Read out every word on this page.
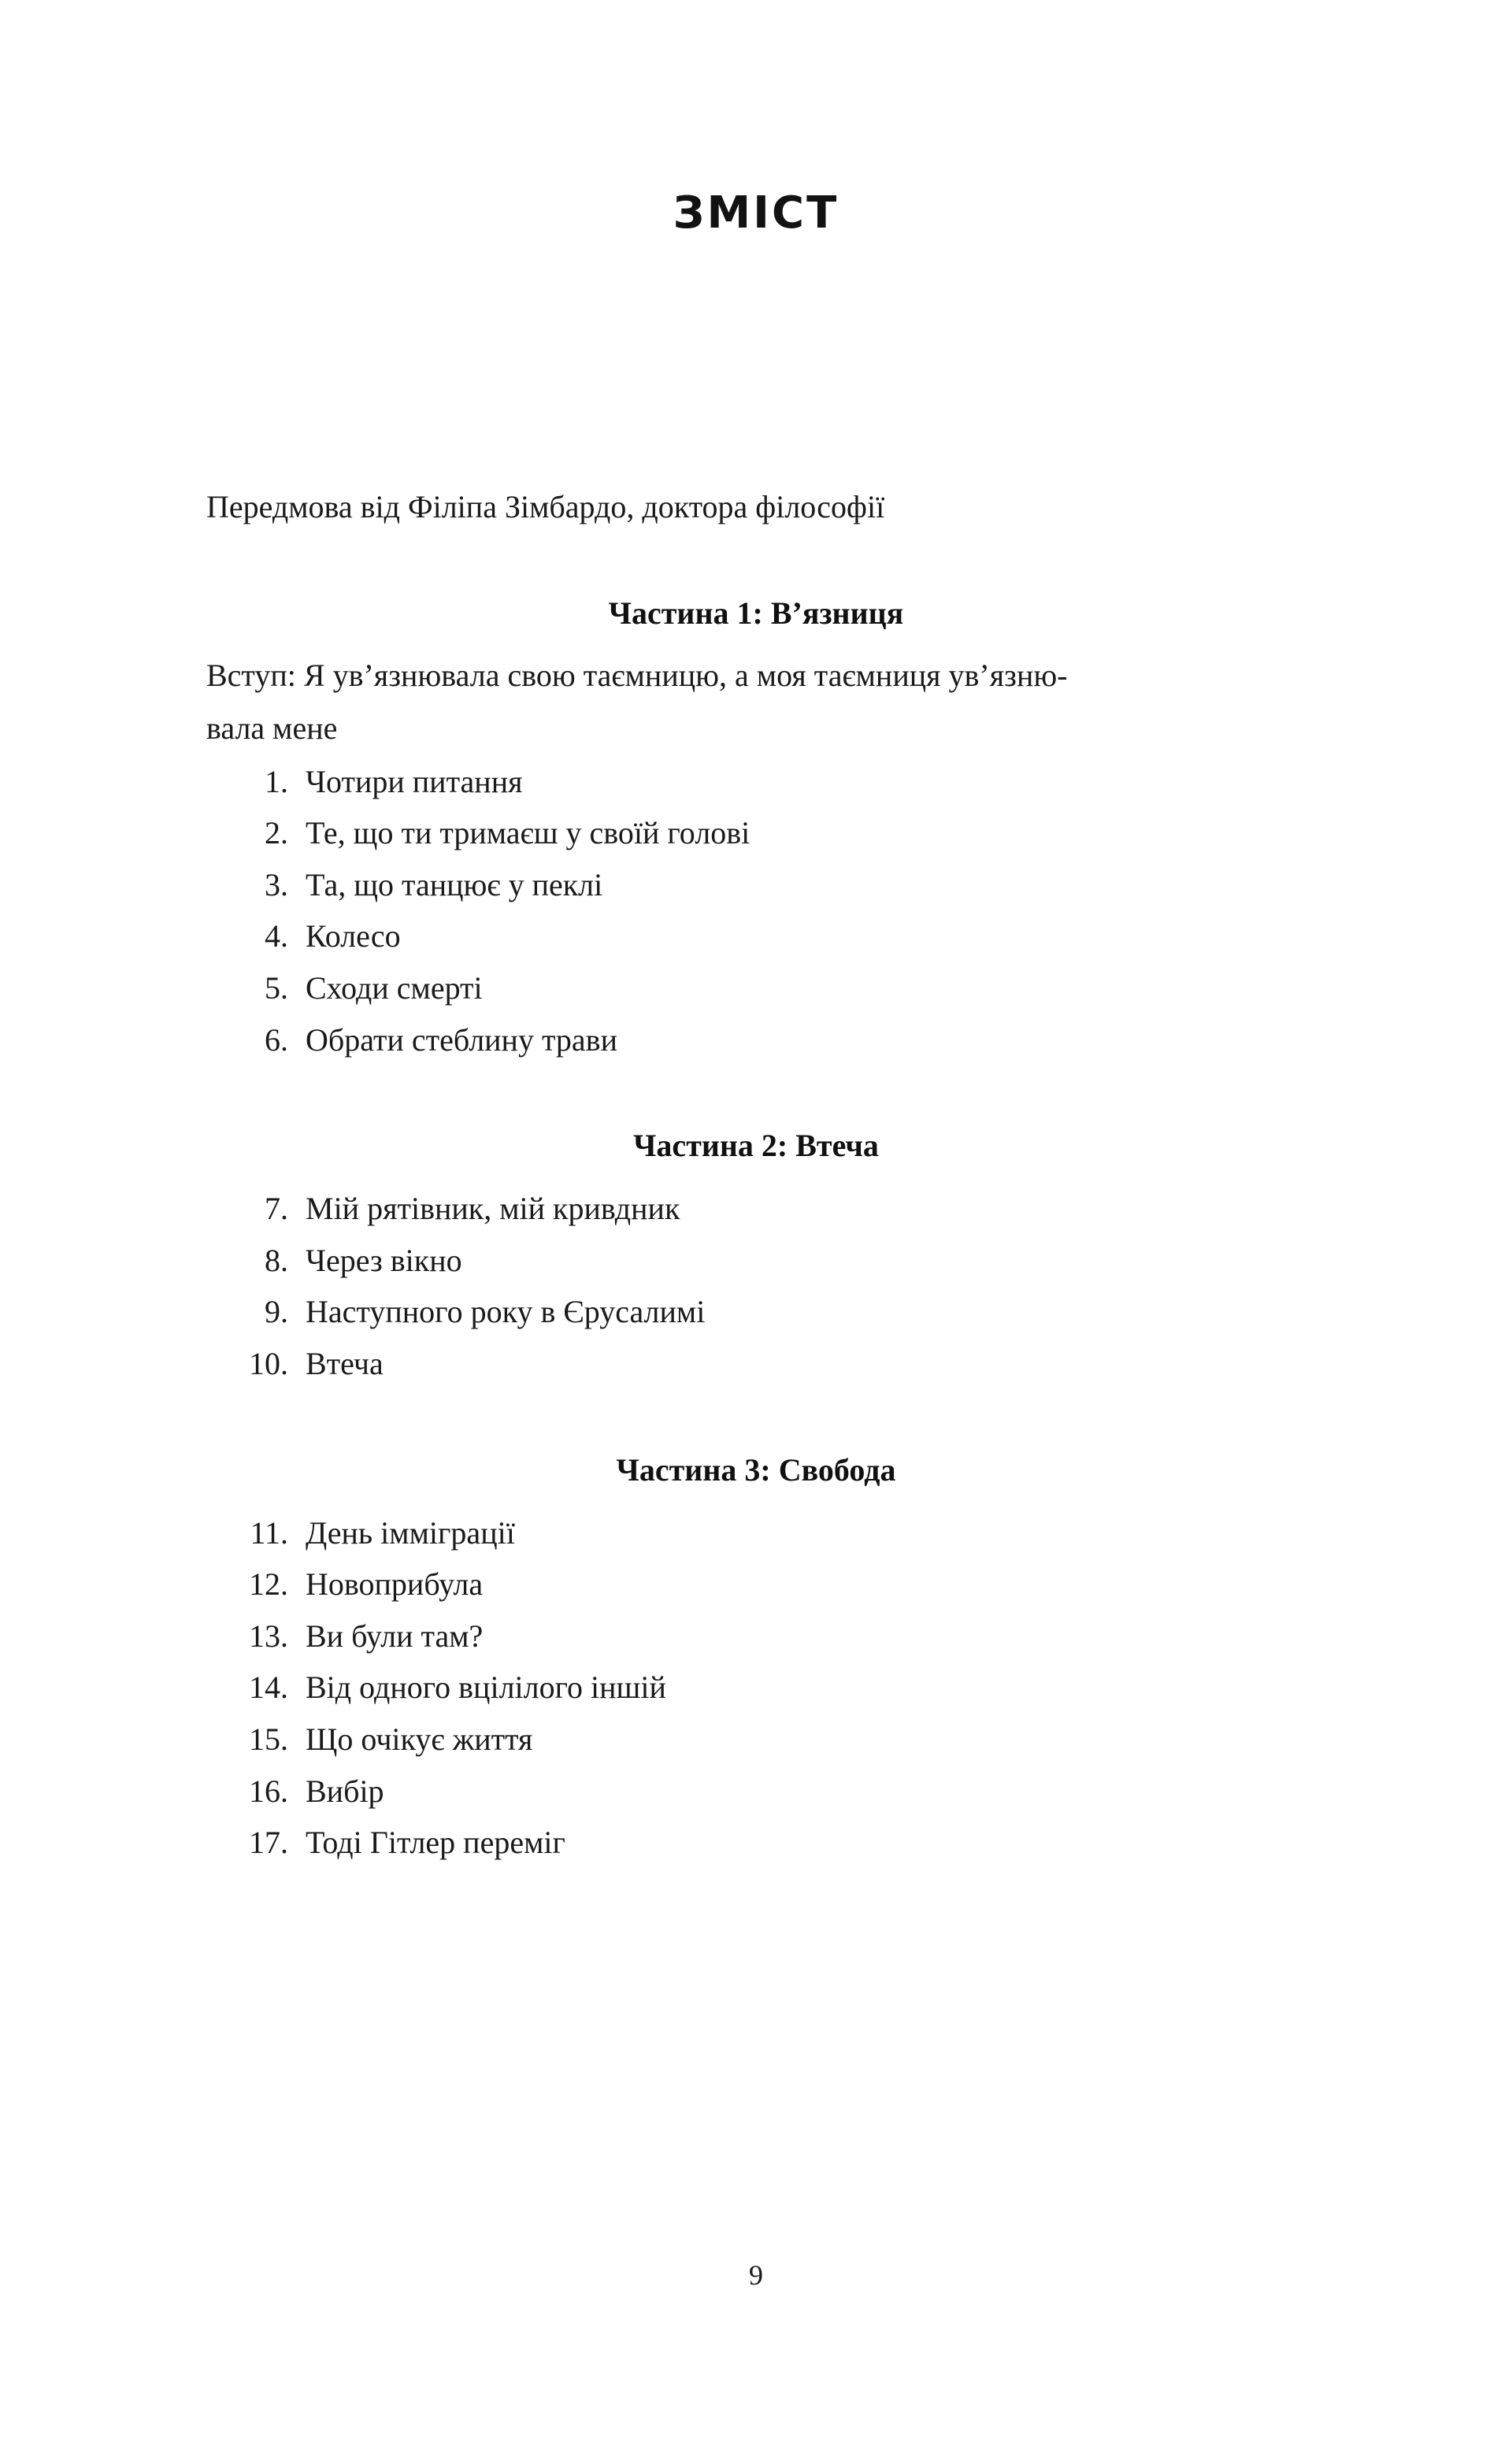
ЗМІСТ
Передмова від Філіпа Зімбардо, доктора філософії
Частина 1: В’язниця
Вступ: Я ув’язнювала свою таємницю, а моя таємниця ув’язню-
вала мене
1. Чотири питання
2. Те, що ти тримаєш у своїй голові
3. Та, що танцює у пеклі
4. Колесо
5. Сходи смерті
6. Обрати стеблину трави
Частина 2: Втеча
7. Мій рятівник, мій кривдник
8. Через вікно
9. Наступного року в Єрусалимі
10. Втеча
Частина 3: Свобода
11. День імміграції
12. Новоприбула
13. Ви були там?
14. Від одного вцілілого іншій
15. Що очікує життя
16. Вибір
17. Тоді Гітлер переміг
9
